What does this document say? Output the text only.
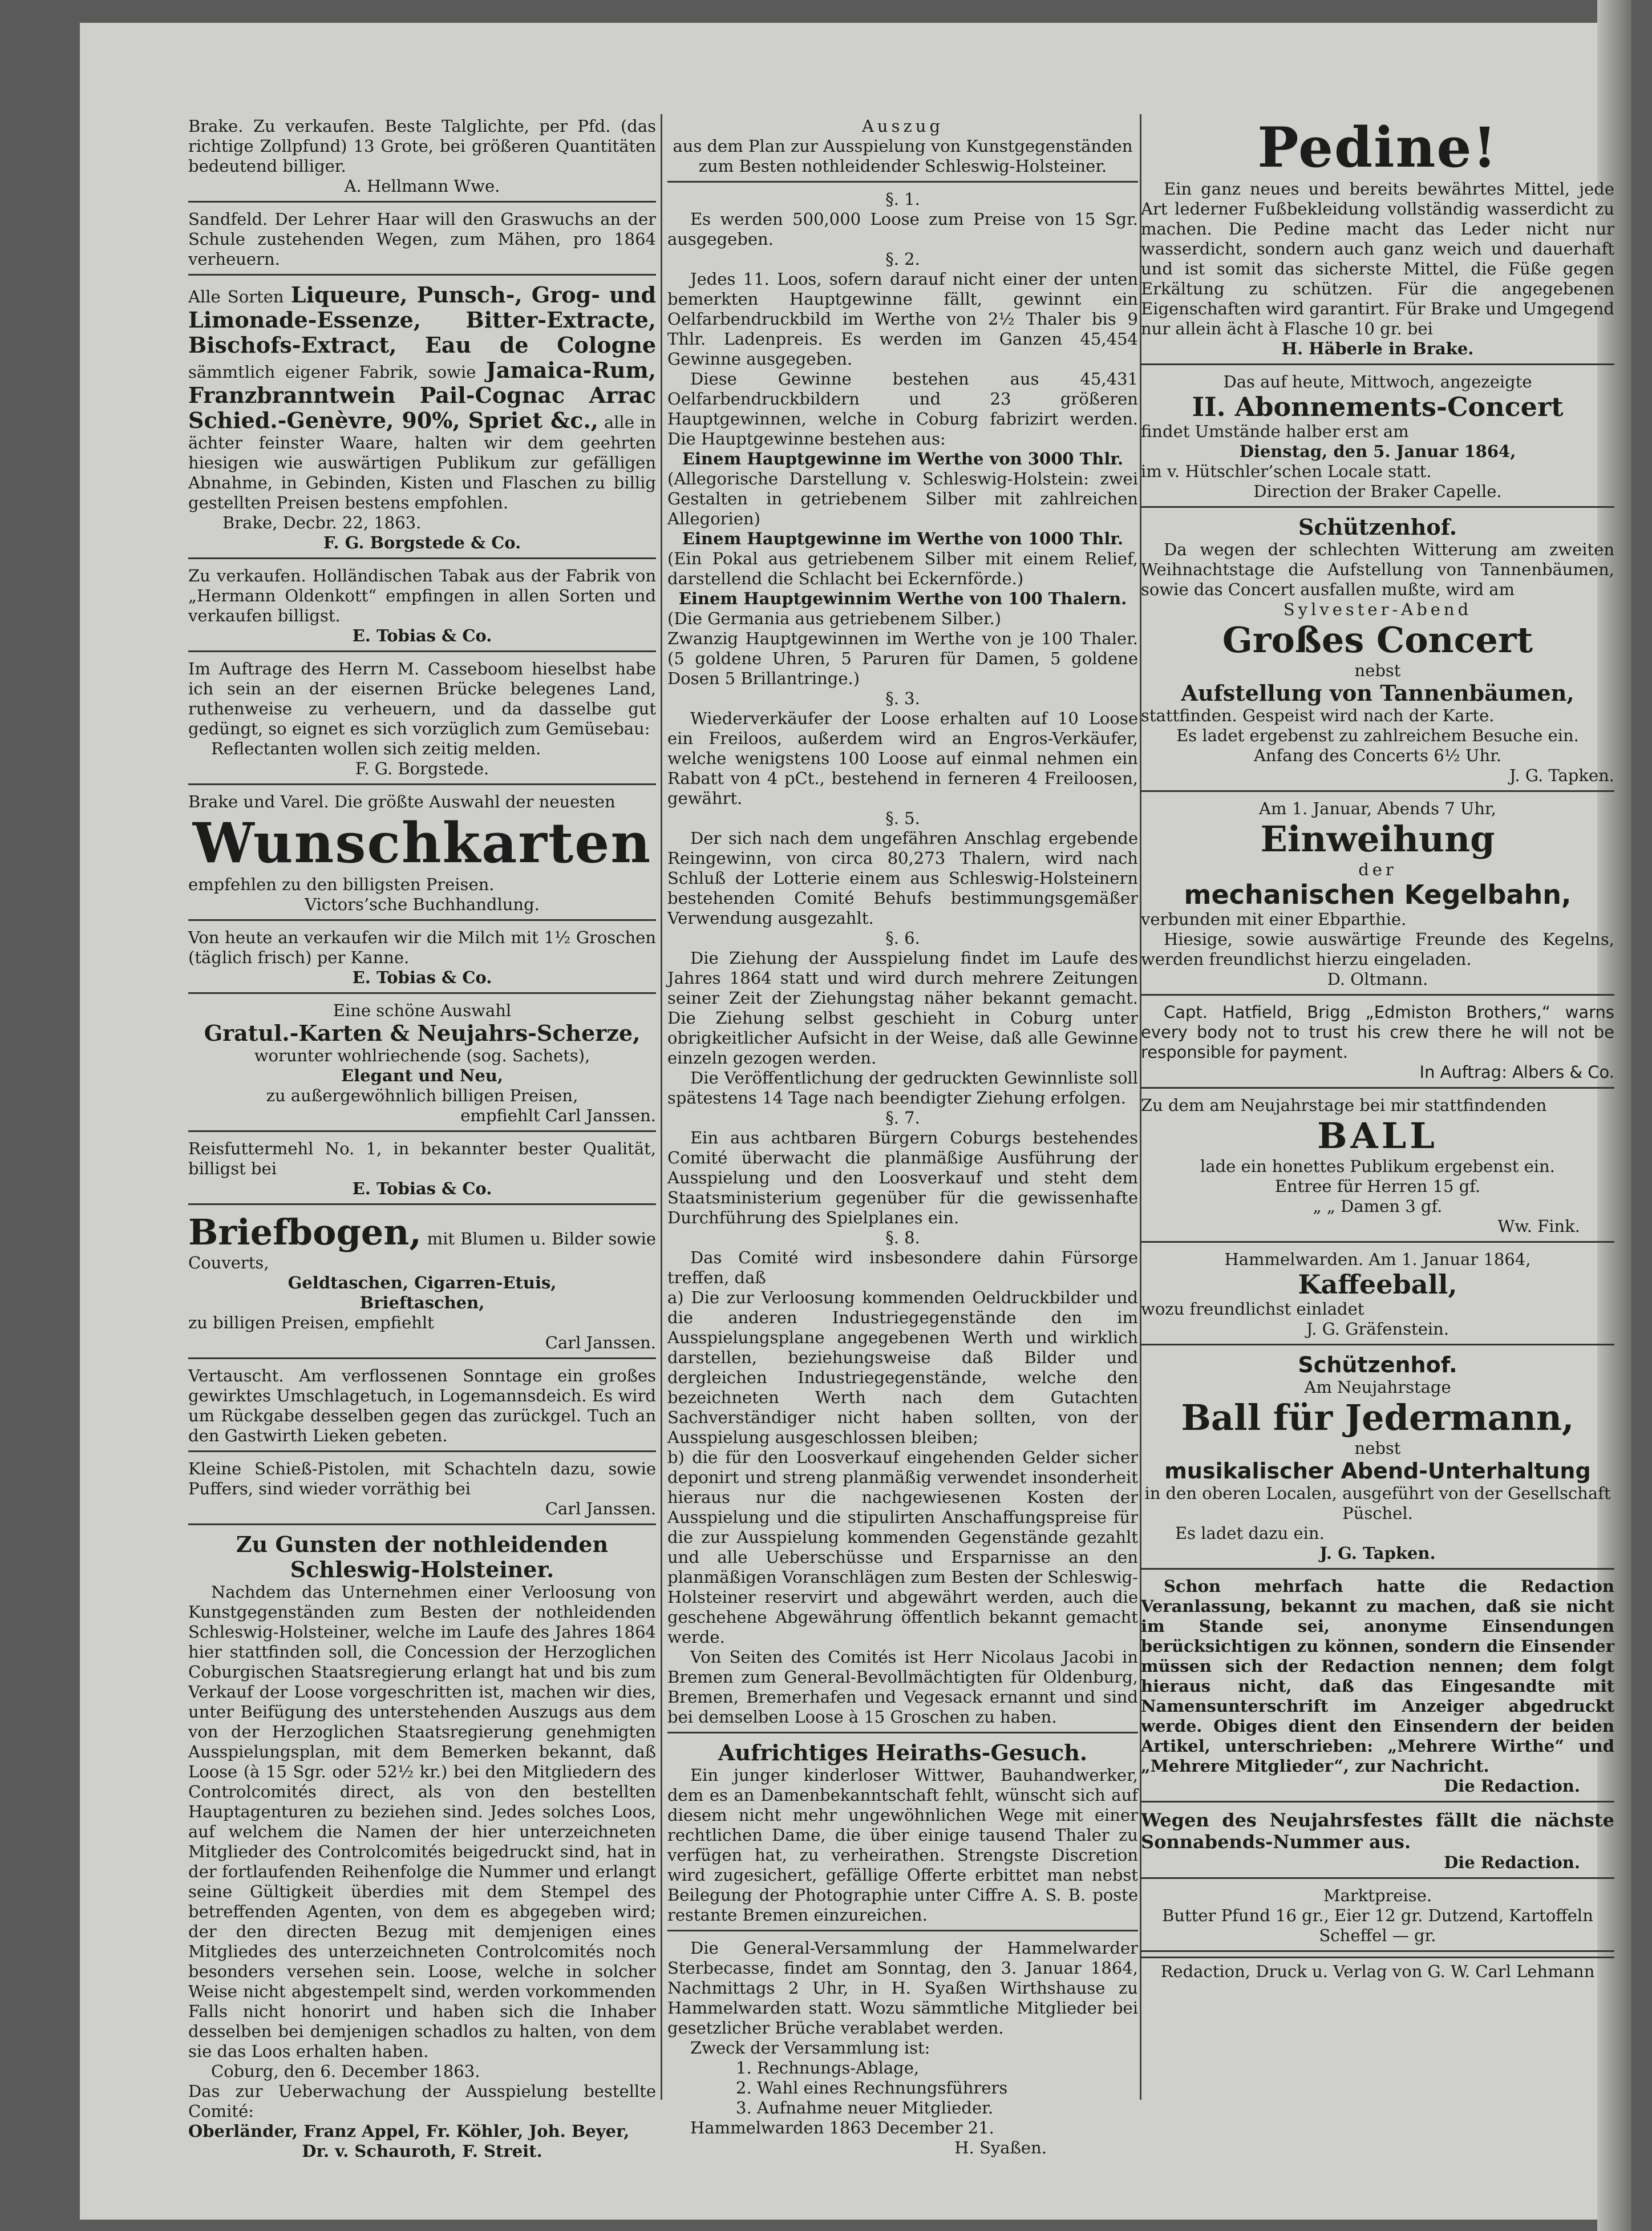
Brake. Zu verkaufen. Beste Talglichte, per Pfd. (das richtige Zollpfund) 13 Grote, bei größeren Quantitäten bedeutend billiger.

A. Hellmann Wwe.

Sandfeld. Der Lehrer Haar will den Graswuchs an der Schule zustehenden Wegen, zum Mähen, pro 1864 verheuern.

Alle Sorten Liqueure, Punsch-, Grog- und Limonade-Essenze, Bitter-Extracte, Bischofs-Extract, Eau de Cologne sämmtlich eigener Fabrik, sowie Jamaica-Rum, Franzbranntwein Pail-Cognac Arrac Schied.-Genèvre, 90%, Spriet &c., alle in ächter feinster Waare, halten wir dem geehrten hiesigen wie auswärtigen Publikum zur gefälligen Abnahme, in Gebinden, Kisten und Flaschen zu billig gestellten Preisen bestens empfohlen.

Brake, Decbr. 22, 1863.

F. G. Borgstede & Co.

Zu verkaufen. Holländischen Tabak aus der Fabrik von „Hermann Oldenkott“ empfingen in allen Sorten und verkaufen billigst.

E. Tobias & Co.

Im Auftrage des Herrn M. Casseboom hieselbst habe ich sein an der eisernen Brücke belegenes Land, ruthenweise zu verheuern, und da dasselbe gut gedüngt, so eignet es sich vorzüglich zum Gemüsebau:

Reflectanten wollen sich zeitig melden.

F. G. Borgstede.

Brake und Varel. Die größte Auswahl der neuesten

Wunschkarten

empfehlen zu den billigsten Preisen.

Victors’sche Buchhandlung.

Von heute an verkaufen wir die Milch mit 1½ Groschen (täglich frisch) per Kanne.

E. Tobias & Co.

Eine schöne Auswahl

Gratul.-Karten & Neujahrs-Scherze,

worunter wohlriechende (sog. Sachets),

Elegant und Neu,

zu außergewöhnlich billigen Preisen,

empfiehlt Carl Janssen.

Reisfuttermehl No. 1, in bekannter bester Qualität, billigst bei

E. Tobias & Co.

Briefbogen, mit Blumen u. Bilder sowie Couverts,

Geldtaschen, Cigarren-Etuis,

Brieftaschen,

zu billigen Preisen, empfiehlt

Carl Janssen.

Vertauscht. Am verflossenen Sonntage ein großes gewirktes Umschlagetuch, in Logemannsdeich. Es wird um Rückgabe desselben gegen das zurückgel. Tuch an den Gastwirth Lieken gebeten.

Kleine Schieß-Pistolen, mit Schachteln dazu, sowie Puffers, sind wieder vorräthig bei

Carl Janssen.

Zu Gunsten der nothleidenden

Schleswig-Holsteiner.

Nachdem das Unternehmen einer Verloosung von Kunstgegenständen zum Besten der nothleidenden Schleswig-Holsteiner, welche im Laufe des Jahres 1864 hier stattfinden soll, die Concession der Herzoglichen Coburgischen Staatsregierung erlangt hat und bis zum Verkauf der Loose vorgeschritten ist, machen wir dies, unter Beifügung des unterstehenden Auszugs aus dem von der Herzoglichen Staatsregierung genehmigten Ausspielungsplan, mit dem Bemerken bekannt, daß Loose (à 15 Sgr. oder 52½ kr.) bei den Mitgliedern des Controlcomités direct, als von den bestellten Hauptagenturen zu beziehen sind. Jedes solches Loos, auf welchem die Namen der hier unterzeichneten Mitglieder des Controlcomités beigedruckt sind, hat in der fortlaufenden Reihenfolge die Nummer und erlangt seine Gültigkeit überdies mit dem Stempel des betreffenden Agenten, von dem es abgegeben wird; der den directen Bezug mit demjenigen eines Mitgliedes des unterzeichneten Controlcomités noch besonders versehen sein. Loose, welche in solcher Weise nicht abgestempelt sind, werden vorkommenden Falls nicht honorirt und haben sich die Inhaber desselben bei demjenigen schadlos zu halten, von dem sie das Loos erhalten haben.

Coburg, den 6. December 1863.

Das zur Ueberwachung der Ausspielung bestellte Comité:

Oberländer, Franz Appel, Fr. Köhler, Joh. Beyer,

Dr. v. Schauroth, F. Streit.

Auszug

aus dem Plan zur Ausspielung von Kunstgegenständen zum Besten nothleidender Schleswig-Holsteiner.

§. 1.

Es werden 500,000 Loose zum Preise von 15 Sgr. ausgegeben.

§. 2.

Jedes 11. Loos, sofern darauf nicht einer der unten bemerkten Hauptgewinne fällt, gewinnt ein Oelfarbendruckbild im Werthe von 2½ Thaler bis 9 Thlr. Ladenpreis. Es werden im Ganzen 45,454 Gewinne ausgegeben.

Diese Gewinne bestehen aus 45,431 Oelfarbendruckbildern und 23 größeren Hauptgewinnen, welche in Coburg fabrizirt werden. Die Hauptgewinne bestehen aus:

Einem Hauptgewinne im Werthe von 3000 Thlr.

(Allegorische Darstellung v. Schleswig-Holstein: zwei Gestalten in getriebenem Silber mit zahlreichen Allegorien)

Einem Hauptgewinne im Werthe von 1000 Thlr.

(Ein Pokal aus getriebenem Silber mit einem Relief, darstellend die Schlacht bei Eckernförde.)

Einem Hauptgewinnim Werthe von 100 Thalern.

(Die Germania aus getriebenem Silber.)

Zwanzig Hauptgewinnen im Werthe von je 100 Thaler. (5 goldene Uhren, 5 Paruren für Damen, 5 goldene Dosen 5 Brillantringe.)

§. 3.

Wiederverkäufer der Loose erhalten auf 10 Loose ein Freiloos, außerdem wird an Engros-Verkäufer, welche wenigstens 100 Loose auf einmal nehmen ein Rabatt von 4 pCt., bestehend in ferneren 4 Freiloosen, gewährt.

§. 5.

Der sich nach dem ungefähren Anschlag ergebende Reingewinn, von circa 80,273 Thalern, wird nach Schluß der Lotterie einem aus Schleswig-Holsteinern bestehenden Comité Behufs bestimmungsgemäßer Verwendung ausgezahlt.

§. 6.

Die Ziehung der Ausspielung findet im Laufe des Jahres 1864 statt und wird durch mehrere Zeitungen seiner Zeit der Ziehungstag näher bekannt gemacht. Die Ziehung selbst geschieht in Coburg unter obrigkeitlicher Aufsicht in der Weise, daß alle Gewinne einzeln gezogen werden.

Die Veröffentlichung der gedruckten Gewinnliste soll spätestens 14 Tage nach beendigter Ziehung erfolgen.

§. 7.

Ein aus achtbaren Bürgern Coburgs bestehendes Comité überwacht die planmäßige Ausführung der Ausspielung und den Loosverkauf und steht dem Staatsministerium gegenüber für die gewissenhafte Durchführung des Spielplanes ein.

§. 8.

Das Comité wird insbesondere dahin Fürsorge treffen, daß

a) Die zur Verloosung kommenden Oeldruckbilder und die anderen Industriegegenstände den im Ausspielungsplane angegebenen Werth und wirklich darstellen, beziehungsweise daß Bilder und dergleichen Industriegegenstände, welche den bezeichneten Werth nach dem Gutachten Sachverständiger nicht haben sollten, von der Ausspielung ausgeschlossen bleiben;

b) die für den Loosverkauf eingehenden Gelder sicher deponirt und streng planmäßig verwendet insonderheit hieraus nur die nachgewiesenen Kosten der Ausspielung und die stipulirten Anschaffungspreise für die zur Ausspielung kommenden Gegenstände gezahlt und alle Ueberschüsse und Ersparnisse an den planmäßigen Voranschlägen zum Besten der Schleswig-Holsteiner reservirt und abgewährt werden, auch die geschehene Abgewährung öffentlich bekannt gemacht werde.

Von Seiten des Comités ist Herr Nicolaus Jacobi in Bremen zum General-Bevollmächtigten für Oldenburg, Bremen, Bremerhafen und Vegesack ernannt und sind bei demselben Loose à 15 Groschen zu haben.

Aufrichtiges Heiraths-Gesuch.

Ein junger kinderloser Wittwer, Bauhandwerker, dem es an Damenbekanntschaft fehlt, wünscht sich auf diesem nicht mehr ungewöhnlichen Wege mit einer rechtlichen Dame, die über einige tausend Thaler zu verfügen hat, zu verheirathen. Strengste Discretion wird zugesichert, gefällige Offerte erbittet man nebst Beilegung der Photographie unter Ciffre A. S. B. poste restante Bremen einzureichen.

Die General-Versammlung der Hammelwarder Sterbecasse, findet am Sonntag, den 3. Januar 1864, Nachmittags 2 Uhr, in H. Syaßen Wirthshause zu Hammelwarden statt. Wozu sämmtliche Mitglieder bei gesetzlicher Brüche verablabet werden.

Zweck der Versammlung ist:

1. Rechnungs-Ablage,

2. Wahl eines Rechnungsführers

3. Aufnahme neuer Mitglieder.

Hammelwarden 1863 December 21.

H. Syaßen.

Pedine!

Ein ganz neues und bereits bewährtes Mittel, jede Art lederner Fußbekleidung vollständig wasserdicht zu machen. Die Pedine macht das Leder nicht nur wasserdicht, sondern auch ganz weich und dauerhaft und ist somit das sicherste Mittel, die Füße gegen Erkältung zu schützen. Für die angegebenen Eigenschaften wird garantirt. Für Brake und Umgegend nur allein ächt à Flasche 10 gr. bei

H. Häberle in Brake.

Das auf heute, Mittwoch, angezeigte

II. Abonnements-Concert

findet Umstände halber erst am

Dienstag, den 5. Januar 1864,

im v. Hütschler’schen Locale statt.

Direction der Braker Capelle.

Schützenhof.

Da wegen der schlechten Witterung am zweiten Weihnachtstage die Aufstellung von Tannenbäumen, sowie das Concert ausfallen mußte, wird am

Sylvester-Abend

Großes Concert

nebst

Aufstellung von Tannenbäumen,

stattfinden. Gespeist wird nach der Karte.

Es ladet ergebenst zu zahlreichem Besuche ein.

Anfang des Concerts 6½ Uhr.

J. G. Tapken.

Am 1. Januar, Abends 7 Uhr,

Einweihung

der

mechanischen Kegelbahn,

verbunden mit einer Ebparthie.

Hiesige, sowie auswärtige Freunde des Kegelns, werden freundlichst hierzu eingeladen.

D. Oltmann.

Capt. Hatfield, Brigg „Edmiston Brothers,“ warns every body not to trust his crew there he will not be responsible for payment.

In Auftrag: Albers & Co.

Zu dem am Neujahrstage bei mir stattfindenden

BALL

lade ein honettes Publikum ergebenst ein.

Entree für Herren 15 gf.

„ „ Damen 3 gf.

Ww. Fink.

Hammelwarden. Am 1. Januar 1864,

Kaffeeball,

wozu freundlichst einladet

J. G. Gräfenstein.

Schützenhof.

Am Neujahrstage

Ball für Jedermann,

nebst

musikalischer Abend-Unterhaltung

in den oberen Localen, ausgeführt von der Gesellschaft Püschel.

Es ladet dazu ein.

J. G. Tapken.

Schon mehrfach hatte die Redaction Veranlassung, bekannt zu machen, daß sie nicht im Stande sei, anonyme Einsendungen berücksichtigen zu können, sondern die Einsender müssen sich der Redaction nennen; dem folgt hieraus nicht, daß das Eingesandte mit Namensunterschrift im Anzeiger abgedruckt werde. Obiges dient den Einsendern der beiden Artikel, unterschrieben: „Mehrere Wirthe“ und „Mehrere Mitglieder“, zur Nachricht.

Die Redaction.

Wegen des Neujahrsfestes fällt die nächste Sonnabends-Nummer aus.

Die Redaction.

Marktpreise.

Butter Pfund 16 gr., Eier 12 gr. Dutzend, Kartoffeln Scheffel — gr.

Redaction, Druck u. Verlag von G. W. Carl Lehmann
